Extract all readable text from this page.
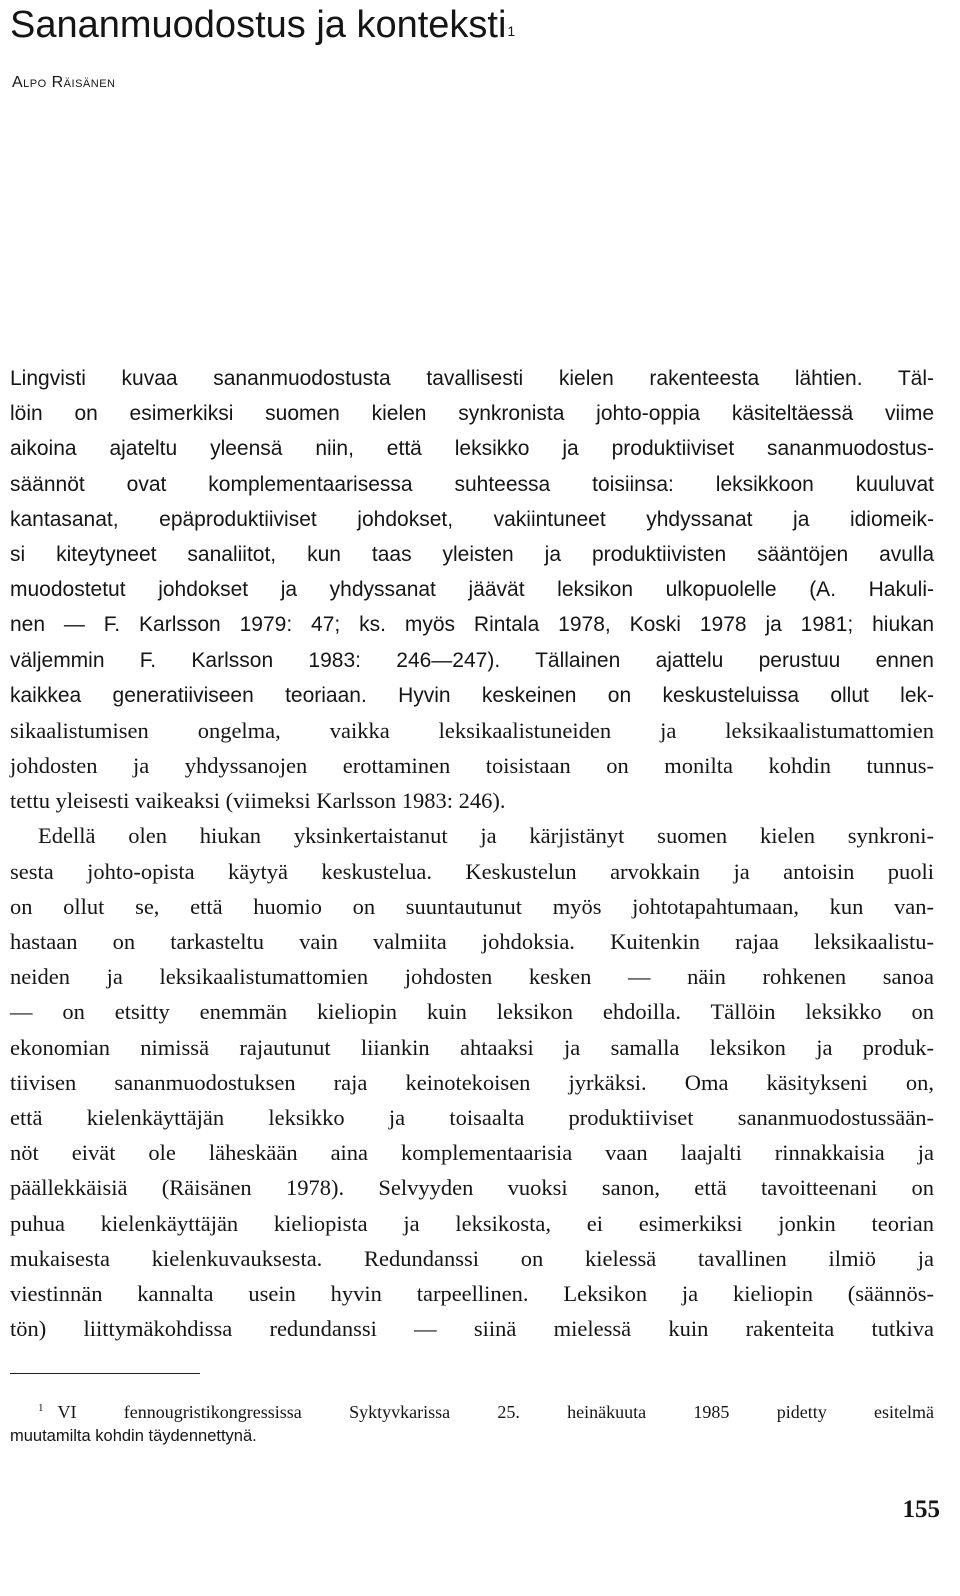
Sananmuodostus ja konteksti$^1$
Alpo Räisänen
Lingvisti kuvaa sananmuodostusta tavallisesti kielen rakenteesta lähtien. Täl-
löin on esimerkiksi suomen kielen synkronista johto-oppia käsiteltäessä viime
aikoina ajateltu yleensä niin, että leksikko ja produktiiviset sananmuodostus-
säännöt ovat komplementaarisessa suhteessa toisiinsa: leksikkoon kuuluvat
kantasanat, epäproduktiiviset johdokset, vakiintuneet yhdyssanat ja idiomeik-
si kiteytyneet sanaliitot, kun taas yleisten ja produktiivisten sääntöjen avulla
muodostetut johdokset ja yhdyssanat jäävät leksikon ulkopuolelle (A. Hakuli-
nen — F. Karlsson 1979: 47; ks. myös Rintala 1978, Koski 1978 ja 1981; hiukan
väljemmin F. Karlsson 1983: 246—247). Tällainen ajattelu perustuu ennen
kaikkea generatiiviseen teoriaan. Hyvin keskeinen on keskusteluissa ollut lek-
sikaalistumisen ongelma, vaikka leksikaalistuneiden ja leksikaalistumattomien
johdosten ja yhdyssanojen erottaminen toisistaan on monilta kohdin tunnus-
tettu yleisesti vaikeaksi (viimeksi Karlsson 1983: 246).
Edellä olen hiukan yksinkertaistanut ja kärjistänyt suomen kielen synkroni-
sesta johto-opista käytyä keskustelua. Keskustelun arvokkain ja antoisin puoli
on ollut se, että huomio on suuntautunut myös johtotapahtumaan, kun van-
hastaan on tarkasteltu vain valmiita johdoksia. Kuitenkin rajaa leksikaalistu-
neiden ja leksikaalistumattomien johdosten kesken — näin rohkenen sanoa
— on etsitty enemmän kieliopin kuin leksikon ehdoilla. Tällöin leksikko on
ekonomian nimissä rajautunut liiankin ahtaaksi ja samalla leksikon ja produk-
tiivisen sananmuodostuksen raja keinotekoisen jyrkäksi. Oma käsitykseni on,
että kielenkäyttäjän leksikko ja toisaalta produktiiviset sananmuodostussään-
nöt eivät ole läheskään aina komplementaarisia vaan laajalti rinnakkaisia ja
päällekkäisiä (Räisänen 1978). Selvyyden vuoksi sanon, että tavoitteenani on
puhua kielenkäyttäjän kieliopista ja leksikosta, ei esimerkiksi jonkin teorian
mukaisesta kielenkuvauksesta. Redundanssi on kielessä tavallinen ilmiö ja
viestinnän kannalta usein hyvin tarpeellinen. Leksikon ja kieliopin (säännös-
tön) liittymäkohdissa redundanssi — siinä mielessä kuin rakenteita tutkiva
$^1$ VI fennougristikongressissa Syktyvkarissa 25. heinäkuuta 1985 pidetty esitelmä
muutamilta kohdin täydennettynä.
155
